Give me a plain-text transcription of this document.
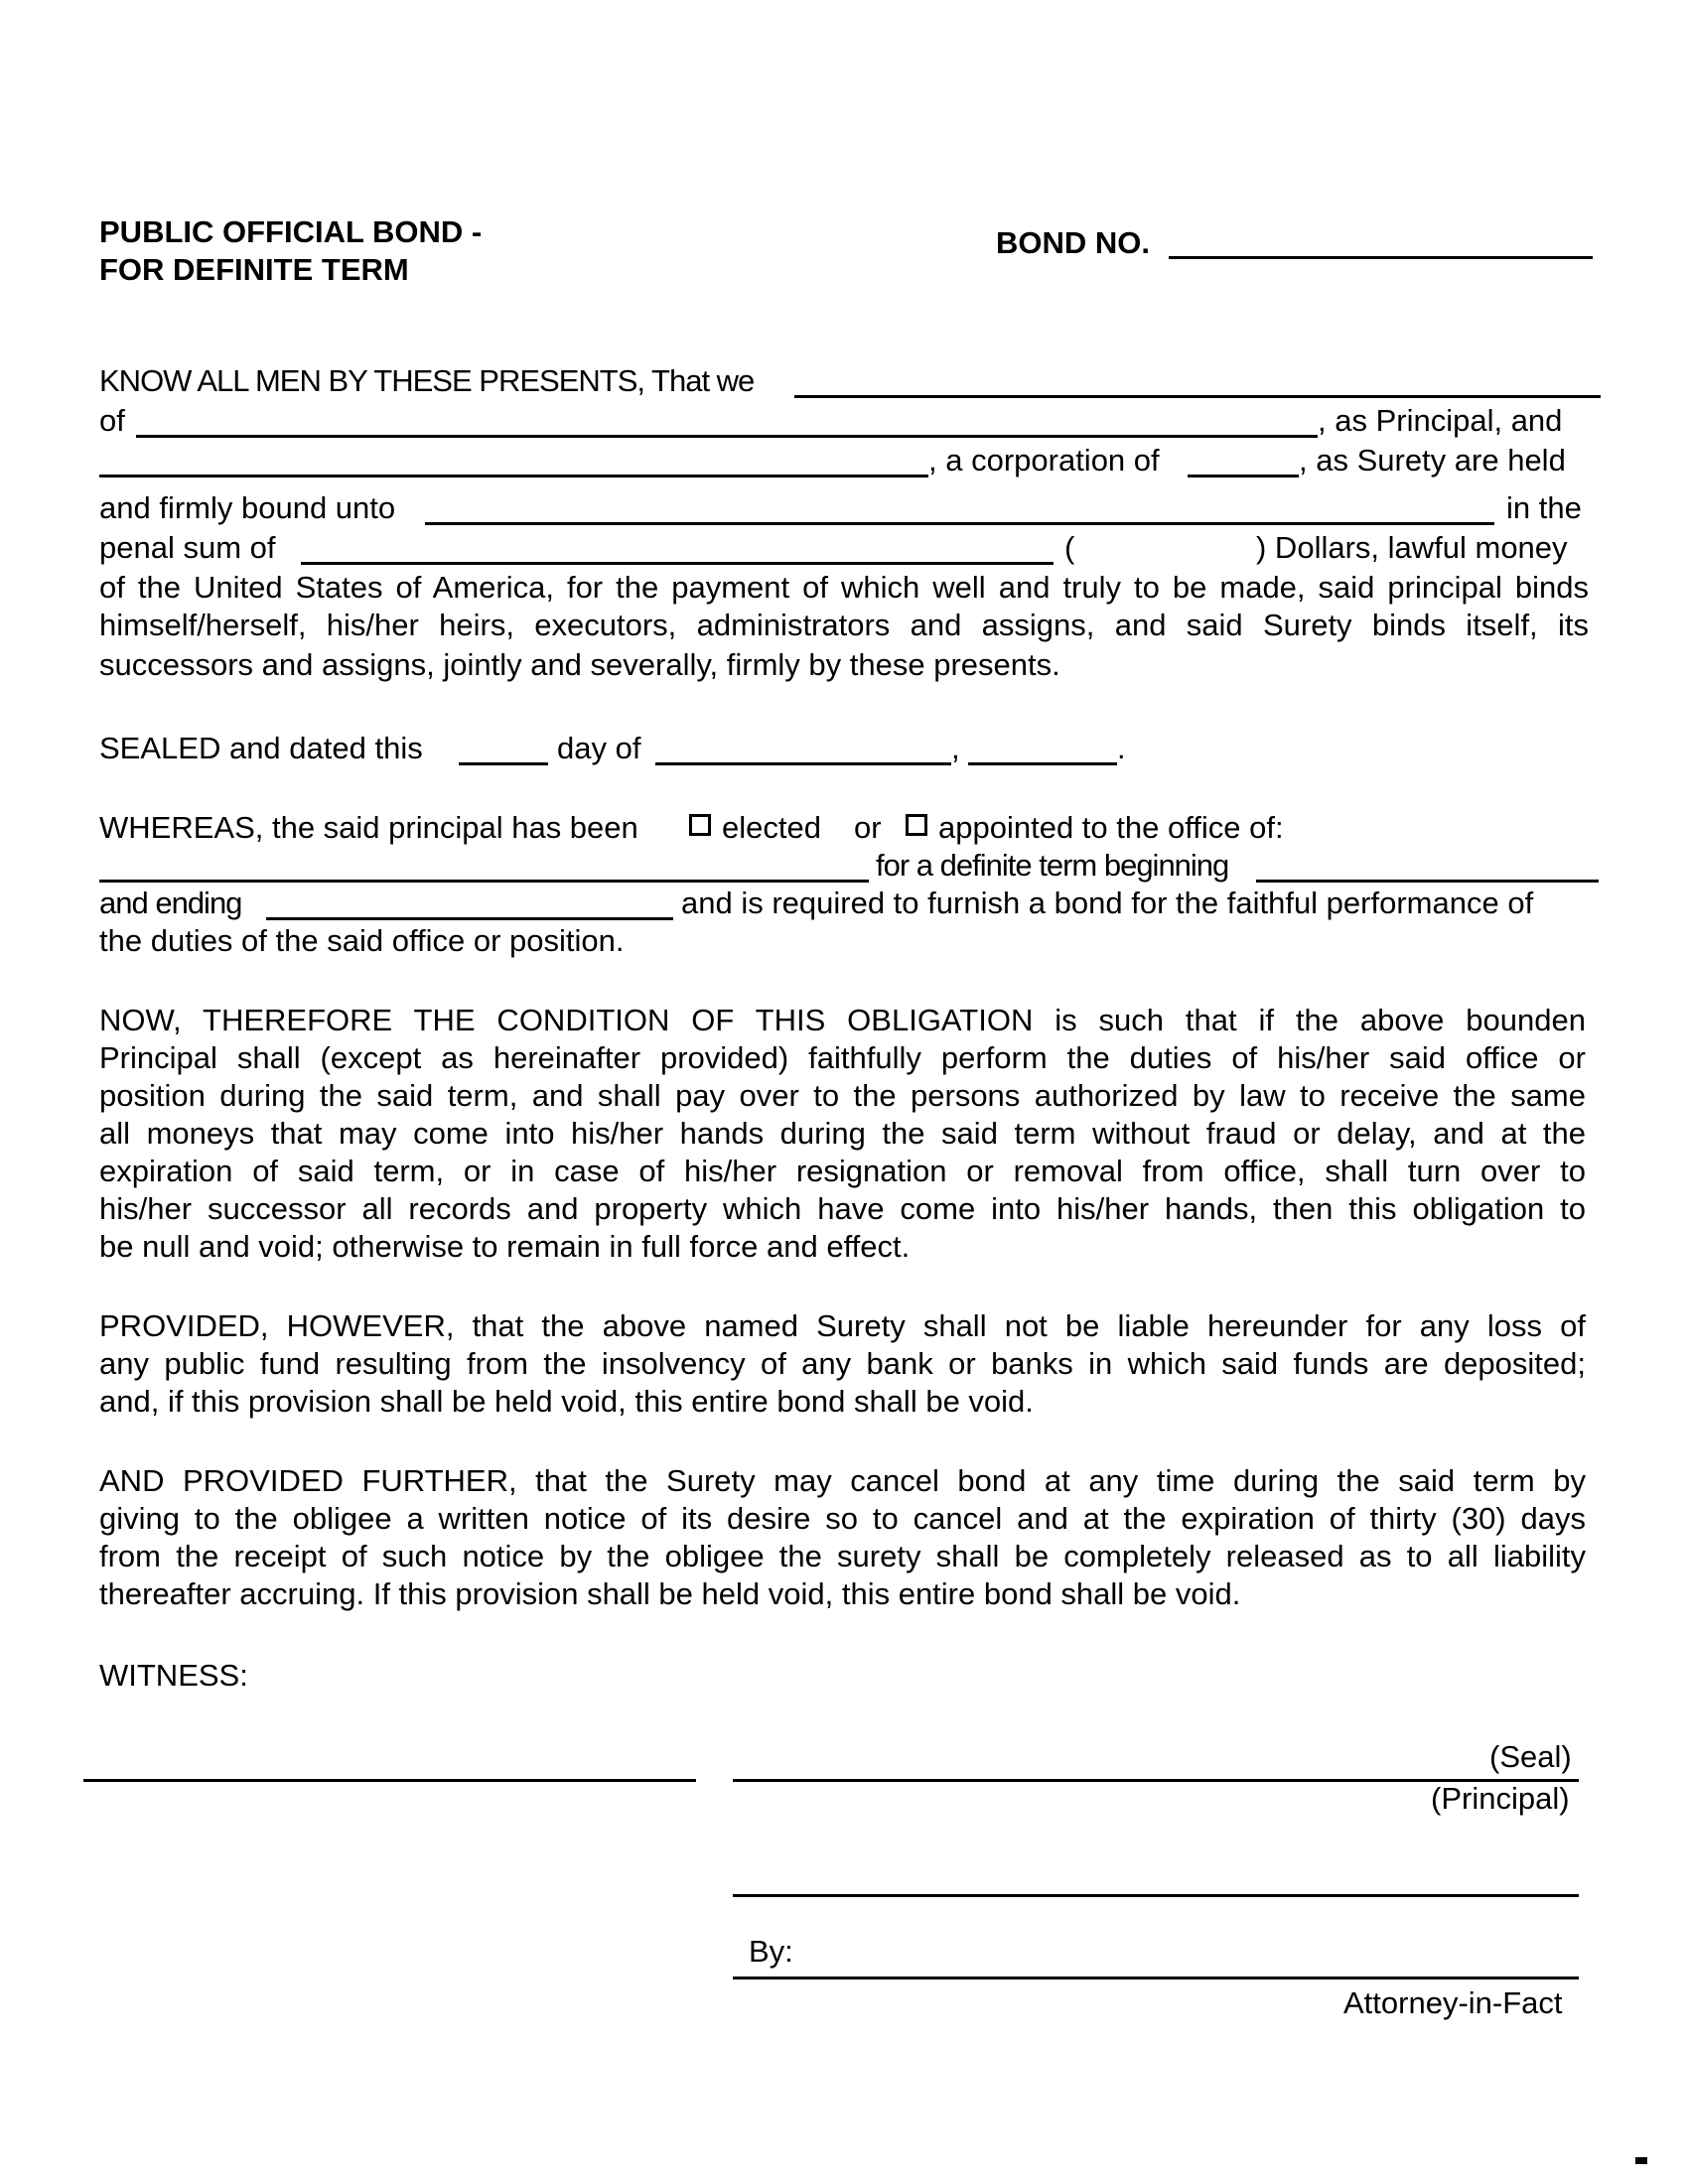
PUBLIC OFFICIAL BOND -
FOR DEFINITE TERM
BOND NO.
KNOW ALL MEN BY THESE PRESENTS, That we
of	, as Principal, and
, a corporation of	, as Surety are held
and firmly bound unto	in the
penal sum of	(	) Dollars, lawful money
of the United States of America, for the payment of which well and truly to be made, said principal binds
himself/herself, his/her heirs, executors, administrators and assigns, and said Surety binds itself, its
successors and assigns, jointly and severally, firmly by these presents.
SEALED and dated this	day of	,	.
WHEREAS, the said principal has been	elected or appointed to the office of:
for a definite term beginning
and ending	and is required to furnish a bond for the faithful performance of
the duties of the said office or position.
NOW, THEREFORE THE CONDITION OF THIS OBLIGATION is such that if the above bounden
Principal shall (except as hereinafter provided) faithfully perform the duties of his/her said office or
position during the said term, and shall pay over to the persons authorized by law to receive the same
all moneys that may come into his/her hands during the said term without fraud or delay, and at the
expiration of said term, or in case of his/her resignation or removal from office, shall turn over to
his/her successor all records and property which have come into his/her hands, then this obligation to
be null and void; otherwise to remain in full force and effect.
PROVIDED, HOWEVER, that the above named Surety shall not be liable hereunder for any loss of
any public fund resulting from the insolvency of any bank or banks in which said funds are deposited;
and, if this provision shall be held void, this entire bond shall be void.
AND PROVIDED FURTHER, that the Surety may cancel bond at any time during the said term by
giving to the obligee a written notice of its desire so to cancel and at the expiration of thirty (30) days
from the receipt of such notice by the obligee the surety shall be completely released as to all liability
thereafter accruing. If this provision shall be held void, this entire bond shall be void.
WITNESS:
(Seal)
(Principal)
By:
Attorney-in-Fact
